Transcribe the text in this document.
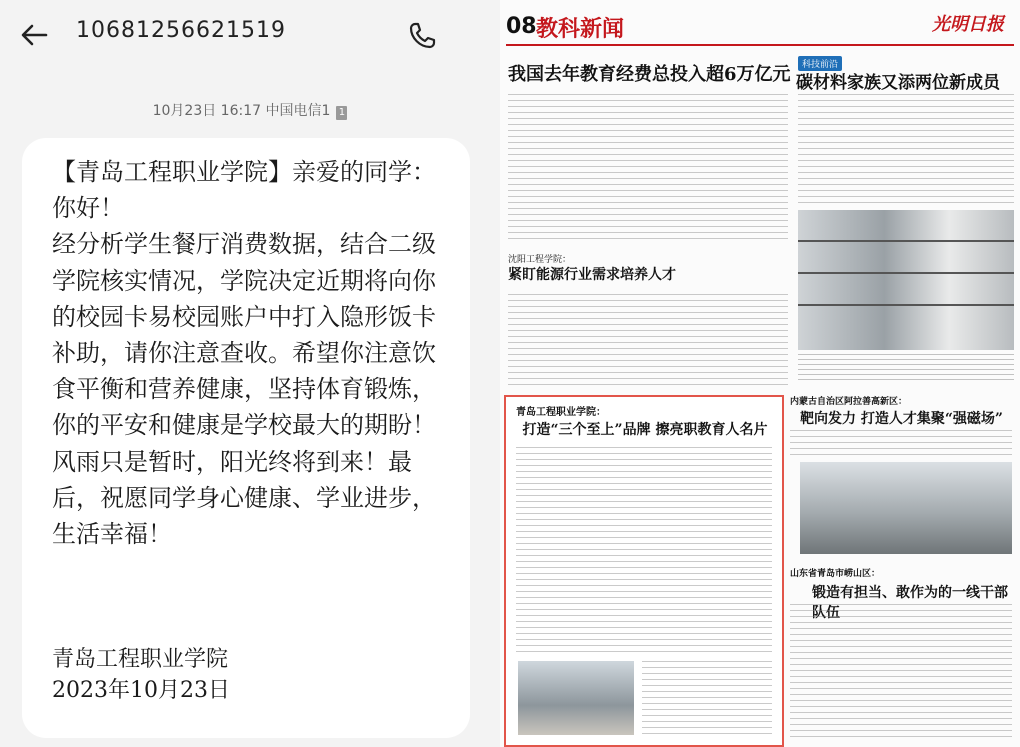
10681256621519
10月23日 16:17 中国电信1 1

【青岛工程职业学院】亲爱的同学：
你好！
经分析学生餐厅消费数据，结合二级学院核实情况，学院决定近期将向你的校园卡易校园账户中打入隐形饭卡补助，请你注意查收。希望你注意饮食平衡和营养健康，坚持体育锻炼，你的平安和健康是学校最大的期盼！
风雨只是暂时，阳光终将到来！最后，祝愿同学身心健康、学业进步，生活幸福！

青岛工程职业学院
2023年10月23日
08 教科新闻	光明日报
我国去年教育经费总投入超6万亿元	科技前沿
碳材料家族又添两位新成员
沈阳工程学院：
紧盯能源行业需求培养人才
青岛工程职业学院：
打造“三个至上”品牌 擦亮职教育人名片
内蒙古自治区阿拉善高新区：
靶向发力 打造人才集聚“强磁场”
山东省青岛市崂山区：
锻造有担当、敢作为的一线干部队伍
